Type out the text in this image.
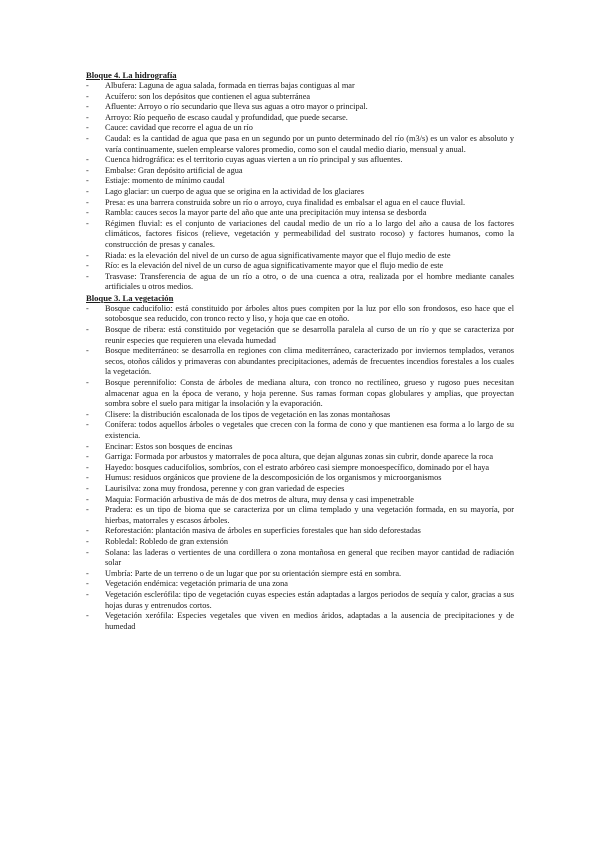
Bloque 4. La hidrografía

- Albufera: Laguna de agua salada, formada en tierras bajas contiguas al mar
- Acuífero: son los depósitos que contienen el agua subterránea
- Afluente: Arroyo o río secundario que lleva sus aguas a otro mayor o principal.
- Arroyo: Río pequeño de escaso caudal y profundidad, que puede secarse.
- Cauce: cavidad que recorre el agua de un río
- Caudal: es la cantidad de agua que pasa en un segundo por un punto determinado del río (m3/s) es un valor es absoluto y varía continuamente, suelen emplearse valores promedio, como son el caudal medio diario, mensual y anual.
- Cuenca hidrográfica: es el territorio cuyas aguas vierten a un río principal y sus afluentes.
- Embalse: Gran depósito artificial de agua
- Estiaje: momento de mínimo caudal
- Lago glaciar: un cuerpo de agua que se origina en la actividad de los glaciares
- Presa: es una barrera construida sobre un río o arroyo, cuya finalidad es embalsar el agua en el cauce fluvial.
- Rambla: cauces secos la mayor parte del año que ante una precipitación muy intensa se desborda
- Régimen fluvial: es el conjunto de variaciones del caudal medio de un río a lo largo del año a causa de los factores climáticos, factores físicos (relieve, vegetación y permeabilidad del sustrato rocoso) y factores humanos, como la construcción de presas y canales.
- Riada: es la elevación del nivel de un curso de agua significativamente mayor que el flujo medio de este
- Río: es la elevación del nivel de un curso de agua significativamente mayor que el flujo medio de este
- Trasvase: Transferencia de agua de un río a otro, o de una cuenca a otra, realizada por el hombre mediante canales artificiales u otros medios.

Bloque 3. La vegetación

- Bosque caducifolio: está constituido por árboles altos pues compiten por la luz por ello son frondosos, eso hace que el sotobosque sea reducido, con tronco recto y liso, y hoja que cae en otoño.
- Bosque de ribera: está constituido por vegetación que se desarrolla paralela al curso de un río y que se caracteriza por reunir especies que requieren una elevada humedad
- Bosque mediterráneo: se desarrolla en regiones con clima mediterráneo, caracterizado por inviernos templados, veranos secos, otoños cálidos y primaveras con abundantes precipitaciones, además de frecuentes incendios forestales a los cuales la vegetación.
- Bosque perennifolio: Consta de árboles de mediana altura, con tronco no rectilíneo, grueso y rugoso pues necesitan almacenar agua en la época de verano, y hoja perenne. Sus ramas forman copas globulares y amplias, que proyectan sombra sobre el suelo para mitigar la insolación y la evaporación.
- Clisere: la distribución escalonada de los tipos de vegetación en las zonas montañosas
- Conífera: todos aquellos árboles o vegetales que crecen con la forma de cono y que mantienen esa forma a lo largo de su existencia.
- Encinar: Estos son bosques de encinas
- Garriga: Formada por arbustos y matorrales de poca altura, que dejan algunas zonas sin cubrir, donde aparece la roca
- Hayedo: bosques caducifolios, sombríos, con el estrato arbóreo casi siempre monoespecífico, dominado por el haya
- Humus: residuos orgánicos que proviene de la descomposición de los organismos y microorganismos
- Laurisilva: zona muy frondosa, perenne y con gran variedad de especies
- Maquia: Formación arbustiva de más de dos metros de altura, muy densa y casi impenetrable
- Pradera: es un tipo de bioma que se caracteriza por un clima templado y una vegetación formada, en su mayoría, por hierbas, matorrales y escasos árboles.
- Reforestación: plantación masiva de árboles en superficies forestales que han sido deforestadas
- Robledal: Robledo de gran extensión
- Solana: las laderas o vertientes de una cordillera o zona montañosa en general que reciben mayor cantidad de radiación solar
- Umbría: Parte de un terreno o de un lugar que por su orientación siempre está en sombra.
- Vegetación endémica: vegetación primaria de una zona
- Vegetación esclerófila: tipo de vegetación cuyas especies están adaptadas a largos periodos de sequía y calor, gracias a sus hojas duras y entrenudos cortos.
- Vegetación xerófila: Especies vegetales que viven en medios áridos, adaptadas a la ausencia de precipitaciones y de humedad
